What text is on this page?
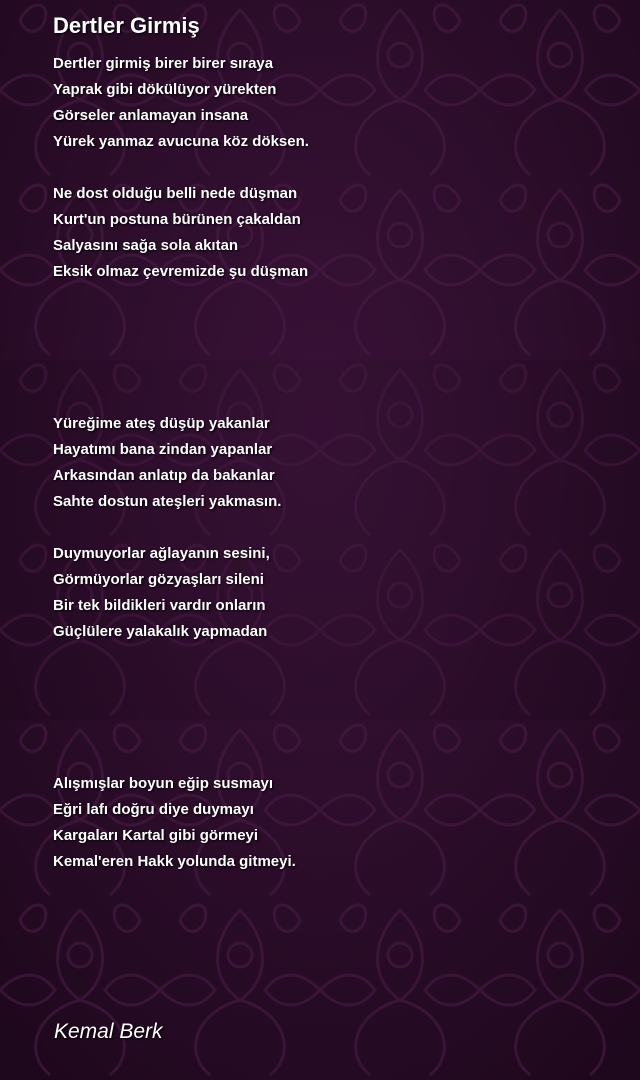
Dertler Girmiş
Dertler girmiş birer birer sıraya
Yaprak gibi dökülüyor yürekten
Görseler anlamayan insana
Yürek yanmaz avucuna köz döksen.
Ne dost olduğu belli nede düşman
Kurt'un postuna bürünen çakaldan
Salyasını sağa sola akıtan
Eksik olmaz çevremizde şu düşman
Yüreğime ateş düşüp yakanlar
Hayatımı bana zindan yapanlar
Arkasından anlatıp da bakanlar
Sahte dostun ateşleri yakmasın.
Duymuyorlar ağlayanın sesini,
Görmüyorlar gözyaşları sileni
Bir tek bildikleri vardır onların
Güçlülere yalakalık yapmadan
Alışmışlar boyun eğip susmayı
Eğri lafı doğru diye duymayı
Kargaları Kartal gibi görmeyi
Kemal'eren Hakk yolunda gitmeyi.
Kemal Berk
